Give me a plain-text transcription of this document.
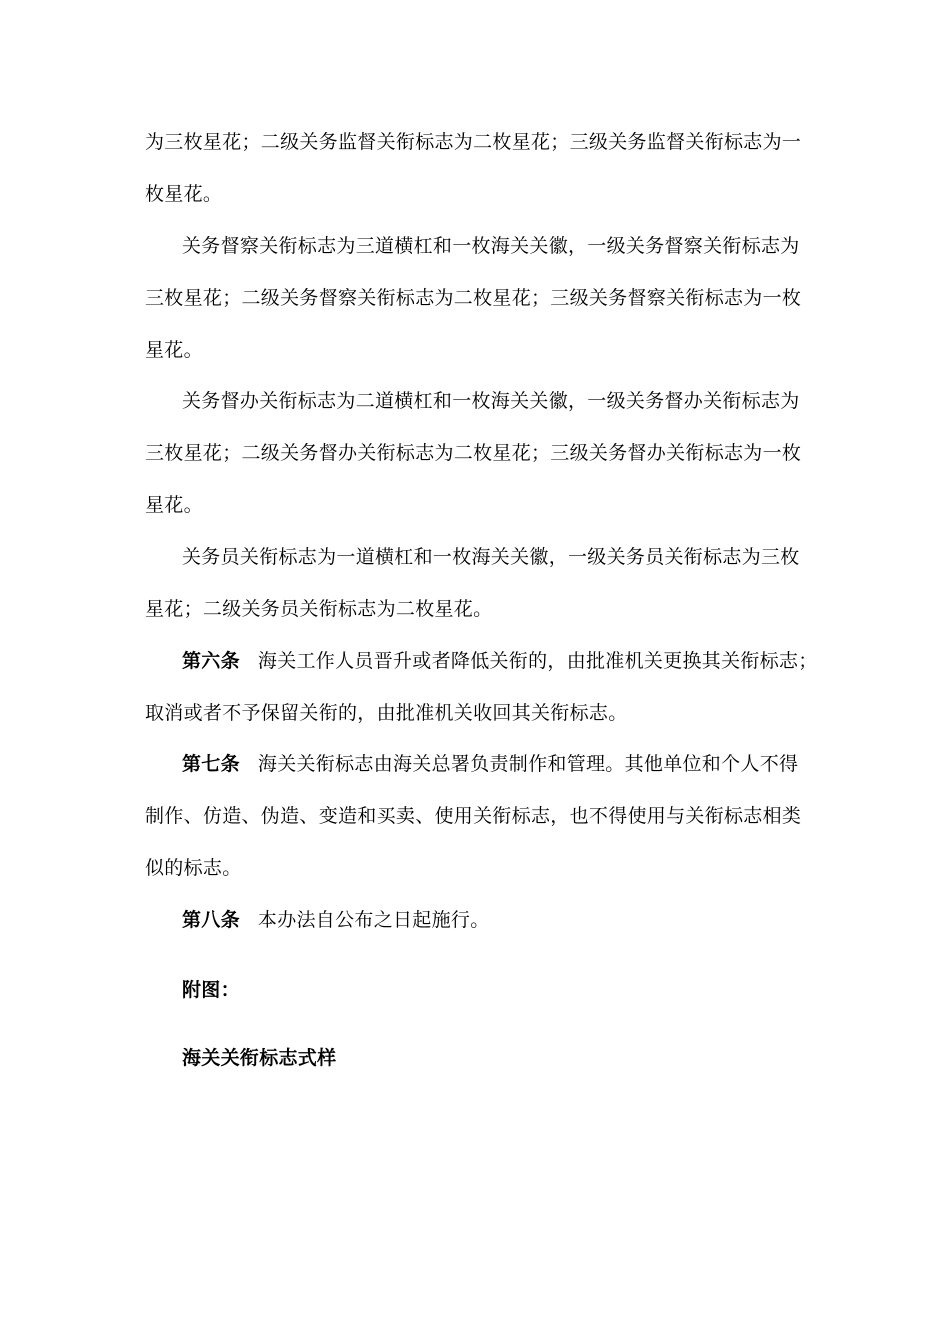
为三枚星花；二级关务监督关衔标志为二枚星花；三级关务监督关衔标志为一
枚星花。
关务督察关衔标志为三道横杠和一枚海关关徽，一级关务督察关衔标志为
三枚星花；二级关务督察关衔标志为二枚星花；三级关务督察关衔标志为一枚
星花。
关务督办关衔标志为二道横杠和一枚海关关徽，一级关务督办关衔标志为
三枚星花；二级关务督办关衔标志为二枚星花；三级关务督办关衔标志为一枚
星花。
关务员关衔标志为一道横杠和一枚海关关徽，一级关务员关衔标志为三枚
星花；二级关务员关衔标志为二枚星花。
第六条 海关工作人员晋升或者降低关衔的，由批准机关更换其关衔标志；
取消或者不予保留关衔的，由批准机关收回其关衔标志。
第七条 海关关衔标志由海关总署负责制作和管理。其他单位和个人不得
制作、仿造、伪造、变造和买卖、使用关衔标志，也不得使用与关衔标志相类
似的标志。
第八条 本办法自公布之日起施行。
附图：
海关关衔标志式样
